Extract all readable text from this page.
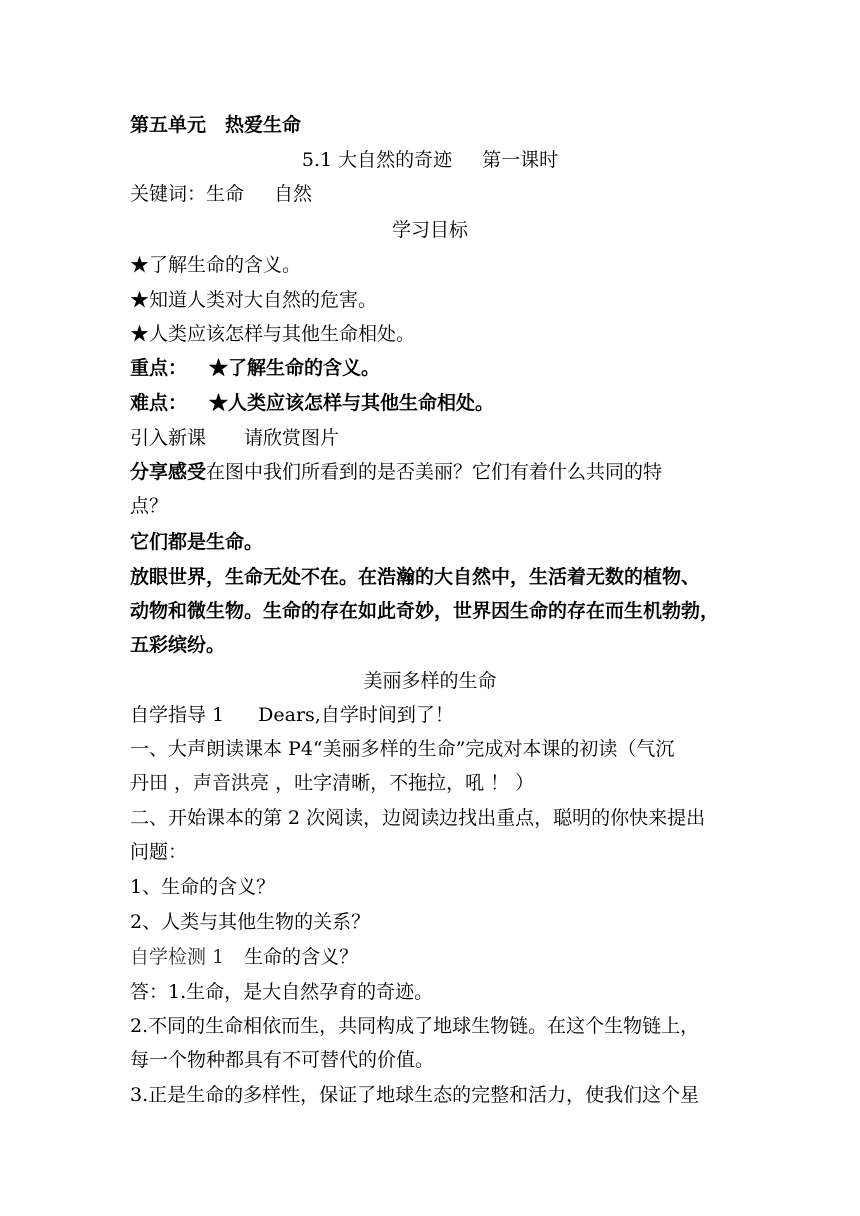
第五单元　热爱生命
5.1 大自然的奇迹 第一课时
关键词：生命 自然
学习目标
★了解生命的含义。
★知道人类对大自然的危害。
★人类应该怎样与其他生命相处。
重点： ★了解生命的含义。
难点： ★人类应该怎样与其他生命相处。
引入新课 请欣赏图片
分享感受在图中我们所看到的是否美丽？它们有着什么共同的特
点？
它们都是生命。
放眼世界，生命无处不在。在浩瀚的大自然中，生活着无数的植物、
动物和微生物。生命的存在如此奇妙，世界因生命的存在而生机勃勃，
五彩缤纷。
美丽多样的生命
自学指导 1 Dears,自学时间到了！
一、大声朗读课本 P4“美丽多样的生命”完成对本课的初读（气沉
丹田 ，声音洪亮 ，吐字清晰，不拖拉，吼 ！ ）
二、开始课本的第 2 次阅读，边阅读边找出重点，聪明的你快来提出
问题：
1、生命的含义？
2、人类与其他生物的关系？
自学检测 1 生命的含义？
答：1.生命，是大自然孕育的奇迹。
2.不同的生命相依而生，共同构成了地球生物链。在这个生物链上，
每一个物种都具有不可替代的价值。
3.正是生命的多样性，保证了地球生态的完整和活力，使我们这个星
